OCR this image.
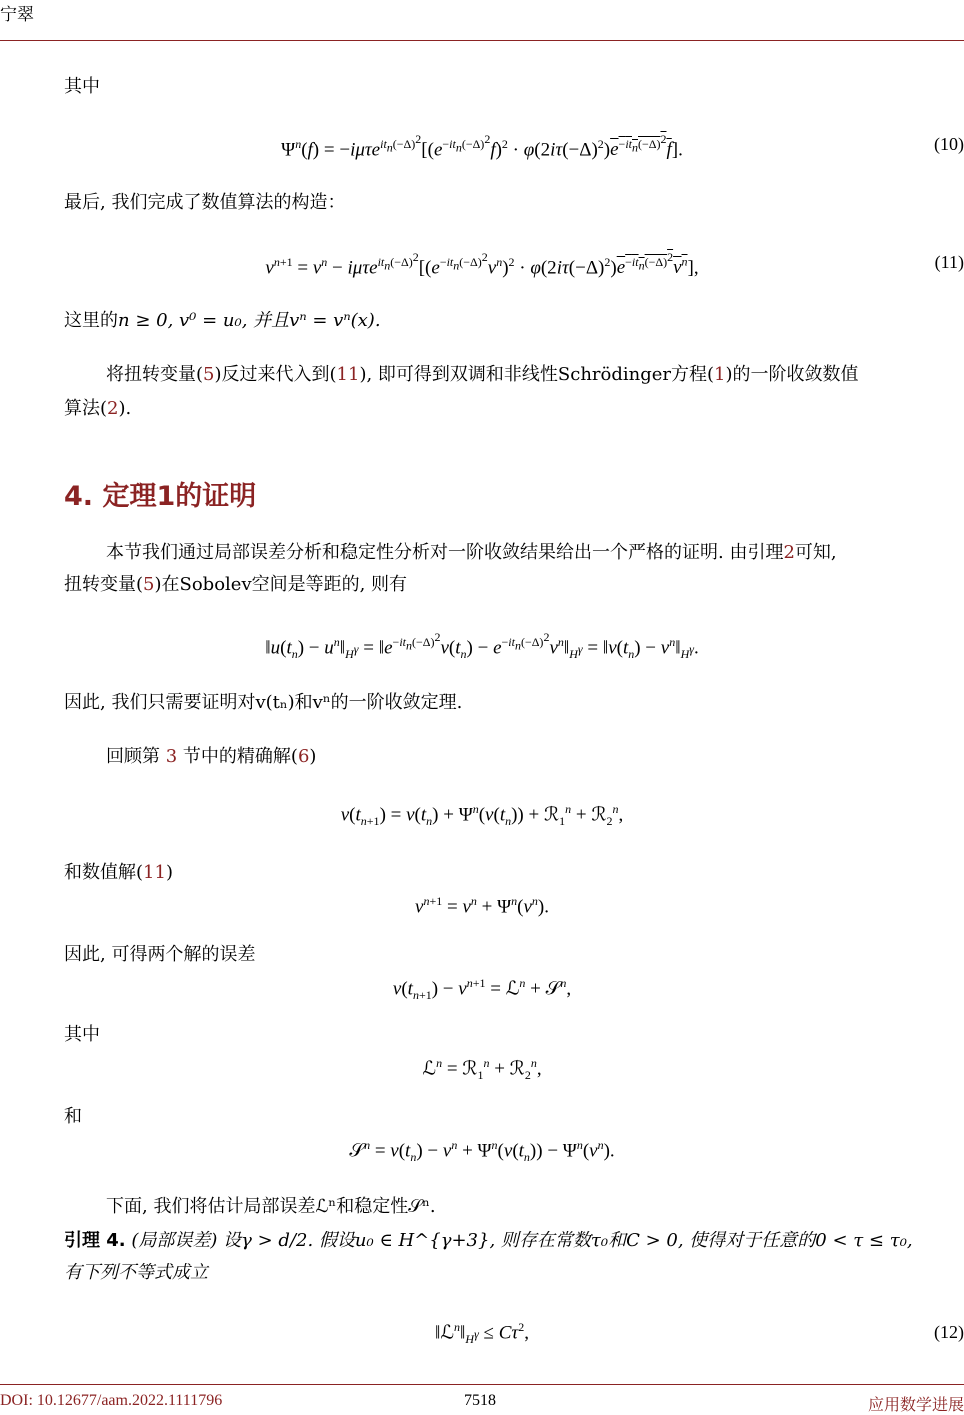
宁翠
其中
$\Psi^n(f) = -i\mu\tau e^{it_n(-\Delta)^2}[(e^{-it_n(-\Delta)^2}f)^2 \cdot \varphi(2i\tau(-\Delta)^2)e^{-it_n(-\Delta)^2}f]$.	(10)
最后, 我们完成了数值算法的构造：
$v^{n+1} = v^n - i\mu\tau e^{it_n(-\Delta)^2}[(e^{-it_n(-\Delta)^2}v^n)^2 \cdot \varphi(2i\tau(-\Delta)^2)e^{-it_n(-\Delta)^2}v^n]$,	(11)
这里的n ≥ 0, v⁰ = u₀, 并且vⁿ = vⁿ(x).
将扭转变量(5)反过来代入到(11), 即可得到双调和非线性Schrödinger方程(1)的一阶收敛数值
算法(2).
4. 定理1的证明
本节我们通过局部误差分析和稳定性分析对一阶收敛结果给出一个严格的证明. 由引理2可知,
扭转变量(5)在Sobolev空间是等距的, 则有
$‖u(t_n)$ − $u^n‖_{H^\gamma}$ = $‖e^{-it_n(-\Delta)^2}v(t_n)$ − $e^{-it_n(-\Delta)^2}v^n‖_{H^\gamma}$ = $‖v(t_n)$ − $v^n‖_{H^\gamma}$.
因此, 我们只需要证明对v(tₙ)和vⁿ的一阶收敛定理.
回顾第 3 节中的精确解(6)
$v(t_{n+1}) = v(t_n) + \Psi^n(v(t_n))$ + ℛ$_1^n$ + ℛ$_2^n$,
和数值解(11)
$v^{n+1} = v^n + \Psi^n(v^n)$.
因此, 可得两个解的误差
$v(t_{n+1}) - v^{n+1}$ = ℒ$^n$ + 𝒮$^n$,
其中
ℒ$^n$ = ℛ$_1^n$ + ℛ$_2^n$,
和
𝒮$^n$ = $v(t_n) - v^n + \Psi^n(v(t_n)) - \Psi^n(v^n)$.
下面, 我们将估计局部误差ℒⁿ和稳定性𝒮ⁿ.
引理 4. (局部误差) 设γ > d/2. 假设u₀ ∈ H^{γ+3}, 则存在常数τ₀和C > 0, 使得对于任意的0 < τ ≤ τ₀,
有下列不等式成立
$‖ℒ^n‖_{H^\gamma} \le C\tau^2$,	(12)
DOI: 10.12677/aam.2022.1111796	7518	应用数学进展
